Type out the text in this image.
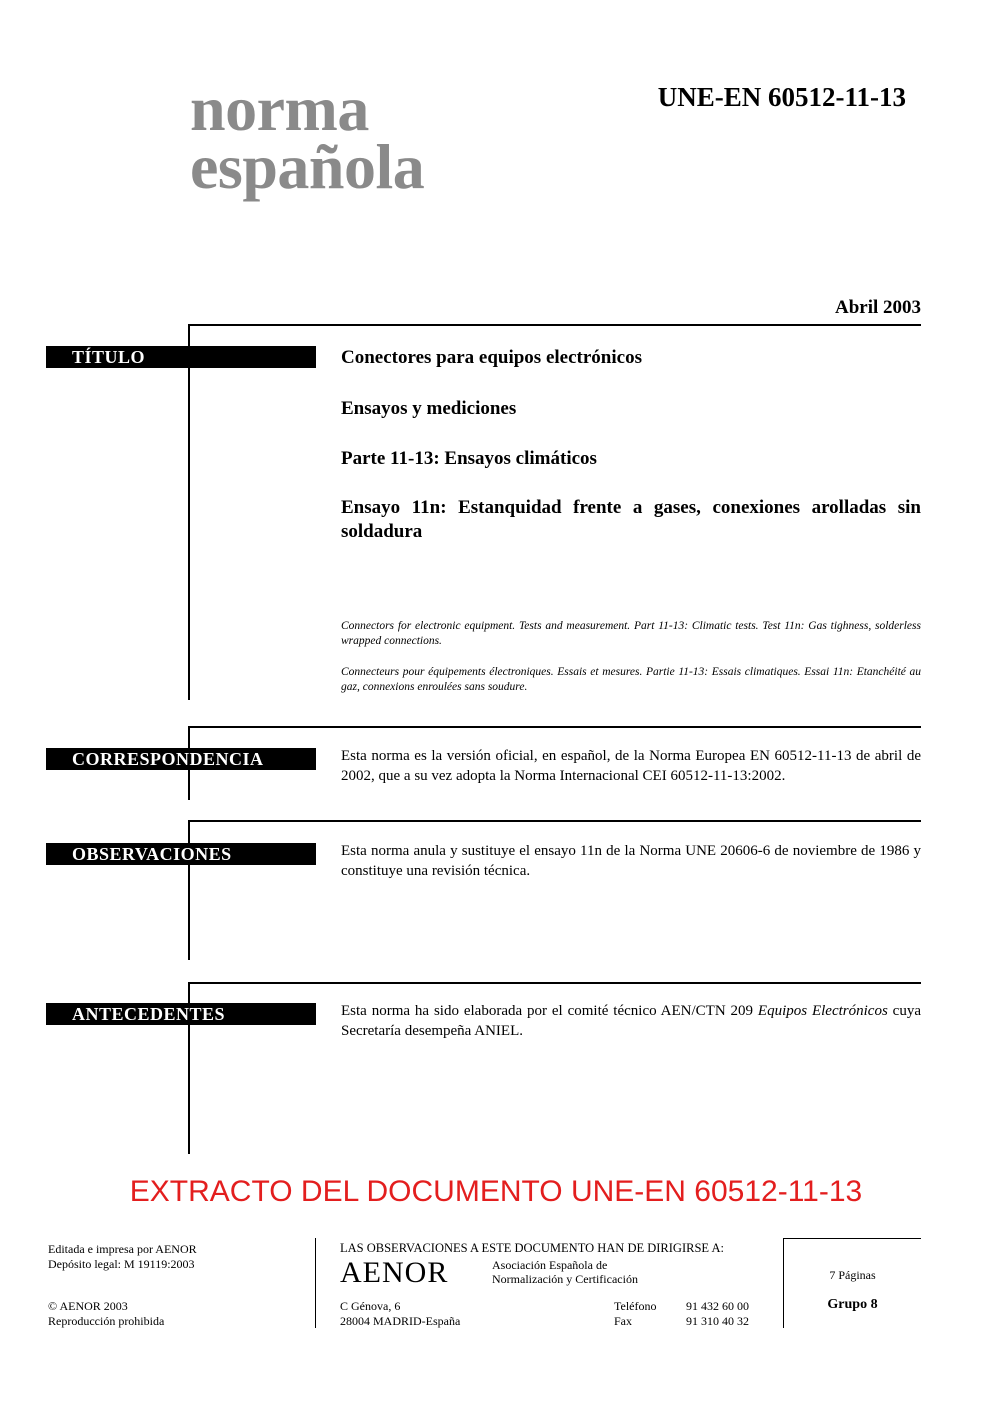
norma
española
UNE-EN 60512-11-13
Abril 2003
TÍTULO	Conectores para equipos electrónicos
Ensayos y mediciones
Parte 11-13: Ensayos climáticos
Ensayo 11n: Estanquidad frente a gases, conexiones arolladas sin soldadura
Connectors for electronic equipment. Tests and measurement. Part 11-13: Climatic tests. Test 11n: Gas tighness, solderless wrapped connections.
Connecteurs pour équipements électroniques. Essais et mesures. Partie 11-13: Essais climatiques. Essai 11n: Etanchéité au gaz, connexions enroulées sans soudure.
CORRESPONDENCIA	Esta norma es la versión oficial, en español, de la Norma Europea EN 60512-11-13 de abril de 2002, que a su vez adopta la Norma Internacional CEI 60512-11-13:2002.
OBSERVACIONES	Esta norma anula y sustituye el ensayo 11n de la Norma UNE 20606-6 de noviembre de 1986 y constituye una revisión técnica.
ANTECEDENTES	Esta norma ha sido elaborada por el comité técnico AEN/CTN 209 Equipos Electrónicos cuya Secretaría desempeña ANIEL.
EXTRACTO DEL DOCUMENTO UNE-EN 60512-11-13
Editada e impresa por AENOR
Depósito legal: M 19119:2003
© AENOR 2003
Reproducción prohibida
LAS OBSERVACIONES A ESTE DOCUMENTO HAN DE DIRIGIRSE A:
AENOR	Asociación Española de
Normalización y Certificación
C Génova, 6
28004 MADRID-España
Teléfono 91 432 60 00
Fax	91 310 40 32
7 Páginas
Grupo 8
